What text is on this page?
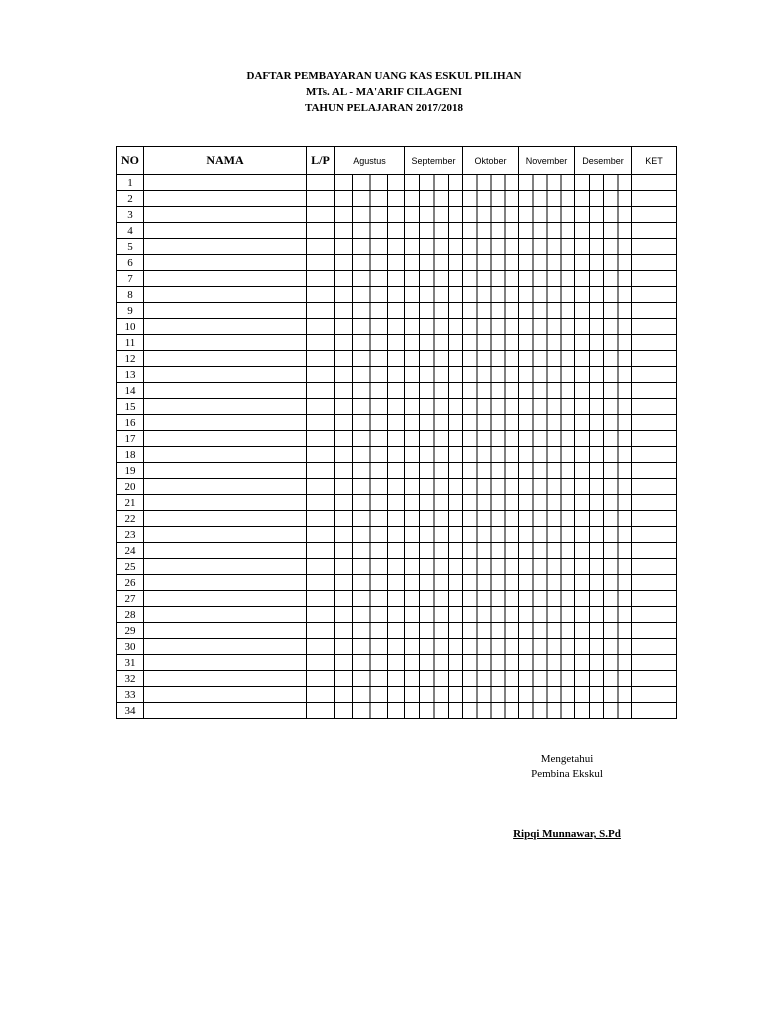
DAFTAR PEMBAYARAN UANG KAS ESKUL PILIHAN
MTs. AL - MA'ARIF CILAGENI
TAHUN PELAJARAN 2017/2018
NO	NAMA	L/P	Agustus	September	Oktober	November	Desember	KET
1								
2								
3								
4								
5								
6								
7								
8								
9								
10								
11								
12								
13								
14								
15								
16								
17								
18								
19								
20								
21								
22								
23								
24								
25								
26								
27								
28								
29								
30								
31								
32								
33								
34								
Mengetahui
Pembina Ekskul
Ripqi Munnawar, S.Pd
